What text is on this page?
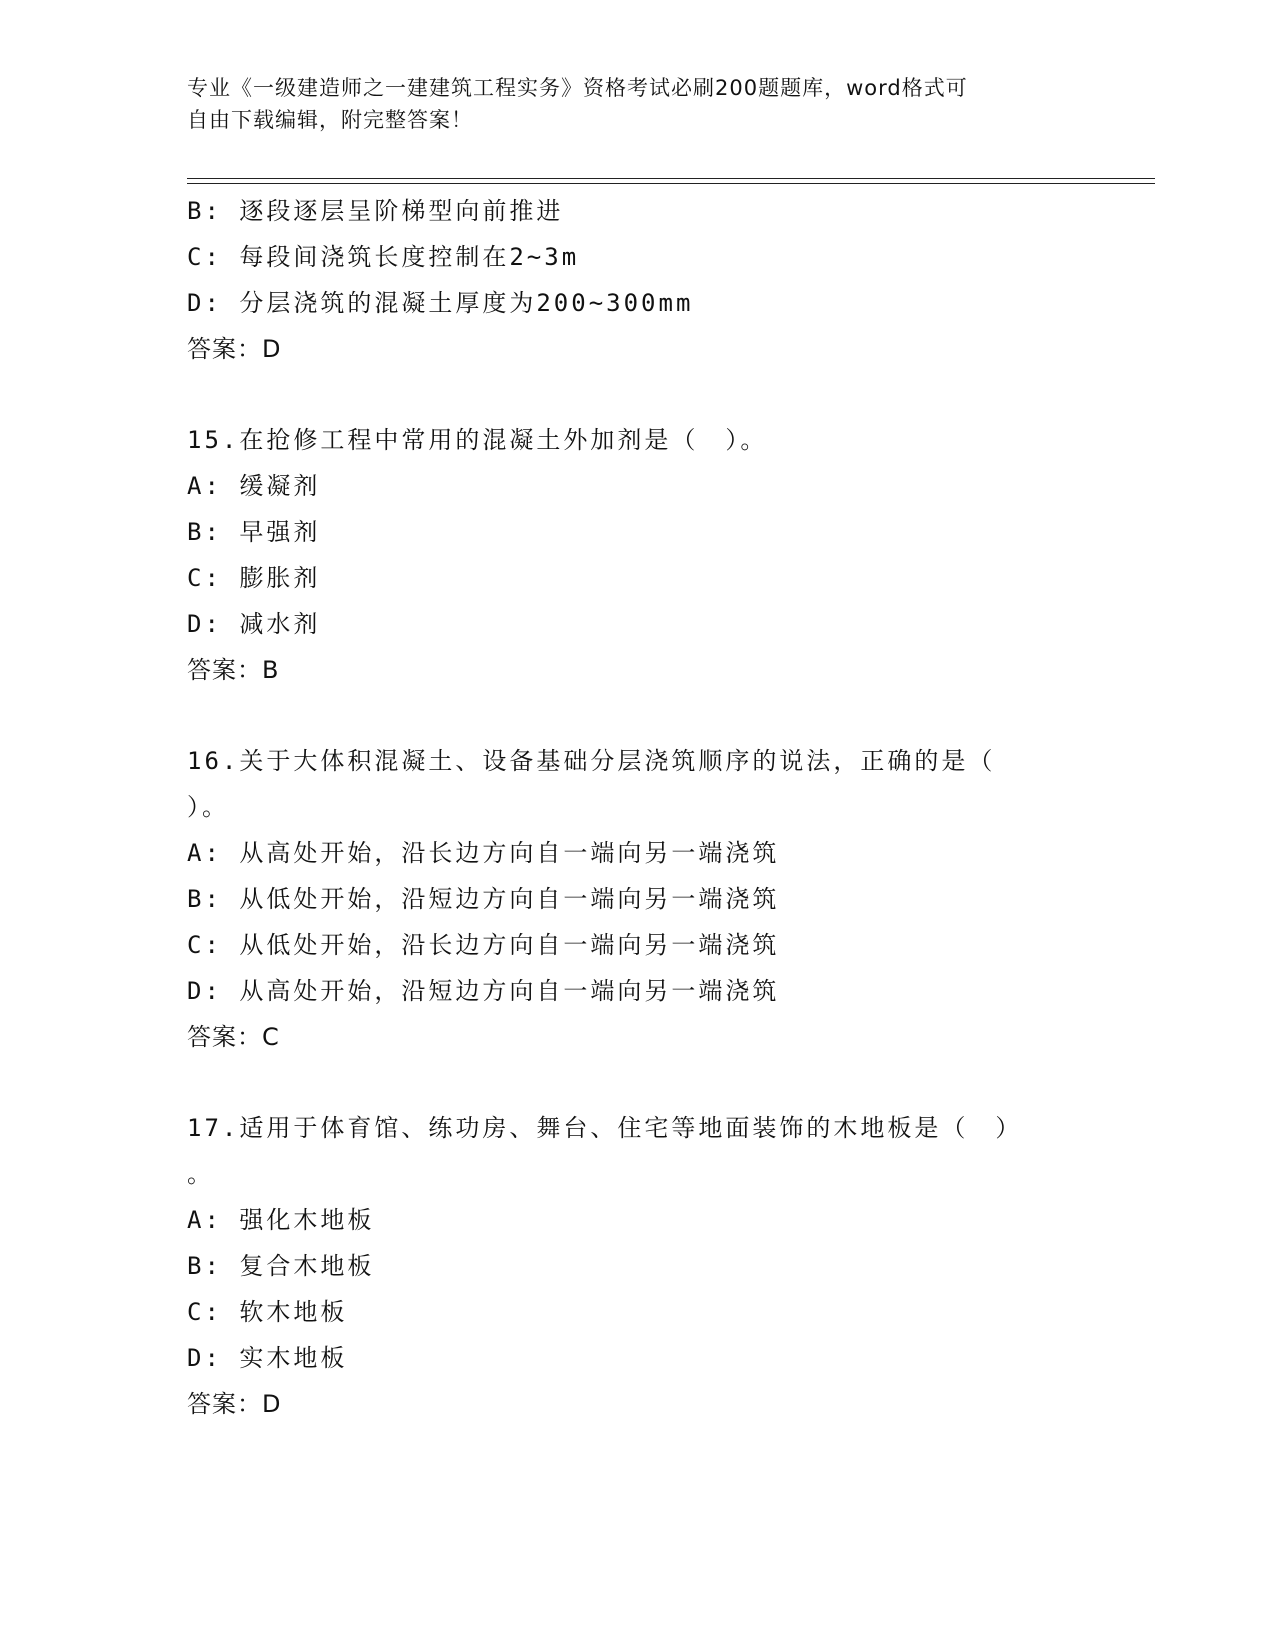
专业《一级建造师之一建建筑工程实务》资格考试必刷200题题库，word格式可
自由下载编辑，附完整答案！
B: 逐段逐层呈阶梯型向前推进
C: 每段间浇筑长度控制在2~3m
D: 分层浇筑的混凝土厚度为200~300mm
答案：D
15.在抢修工程中常用的混凝土外加剂是（　）。
A: 缓凝剂
B: 早强剂
C: 膨胀剂
D: 减水剂
答案：B
16.关于大体积混凝土、设备基础分层浇筑顺序的说法，正确的是（
）。
A: 从高处开始，沿长边方向自一端向另一端浇筑
B: 从低处开始，沿短边方向自一端向另一端浇筑
C: 从低处开始，沿长边方向自一端向另一端浇筑
D: 从高处开始，沿短边方向自一端向另一端浇筑
答案：C
17.适用于体育馆、练功房、舞台、住宅等地面装饰的木地板是（　）
。
A: 强化木地板
B: 复合木地板
C: 软木地板
D: 实木地板
答案：D
